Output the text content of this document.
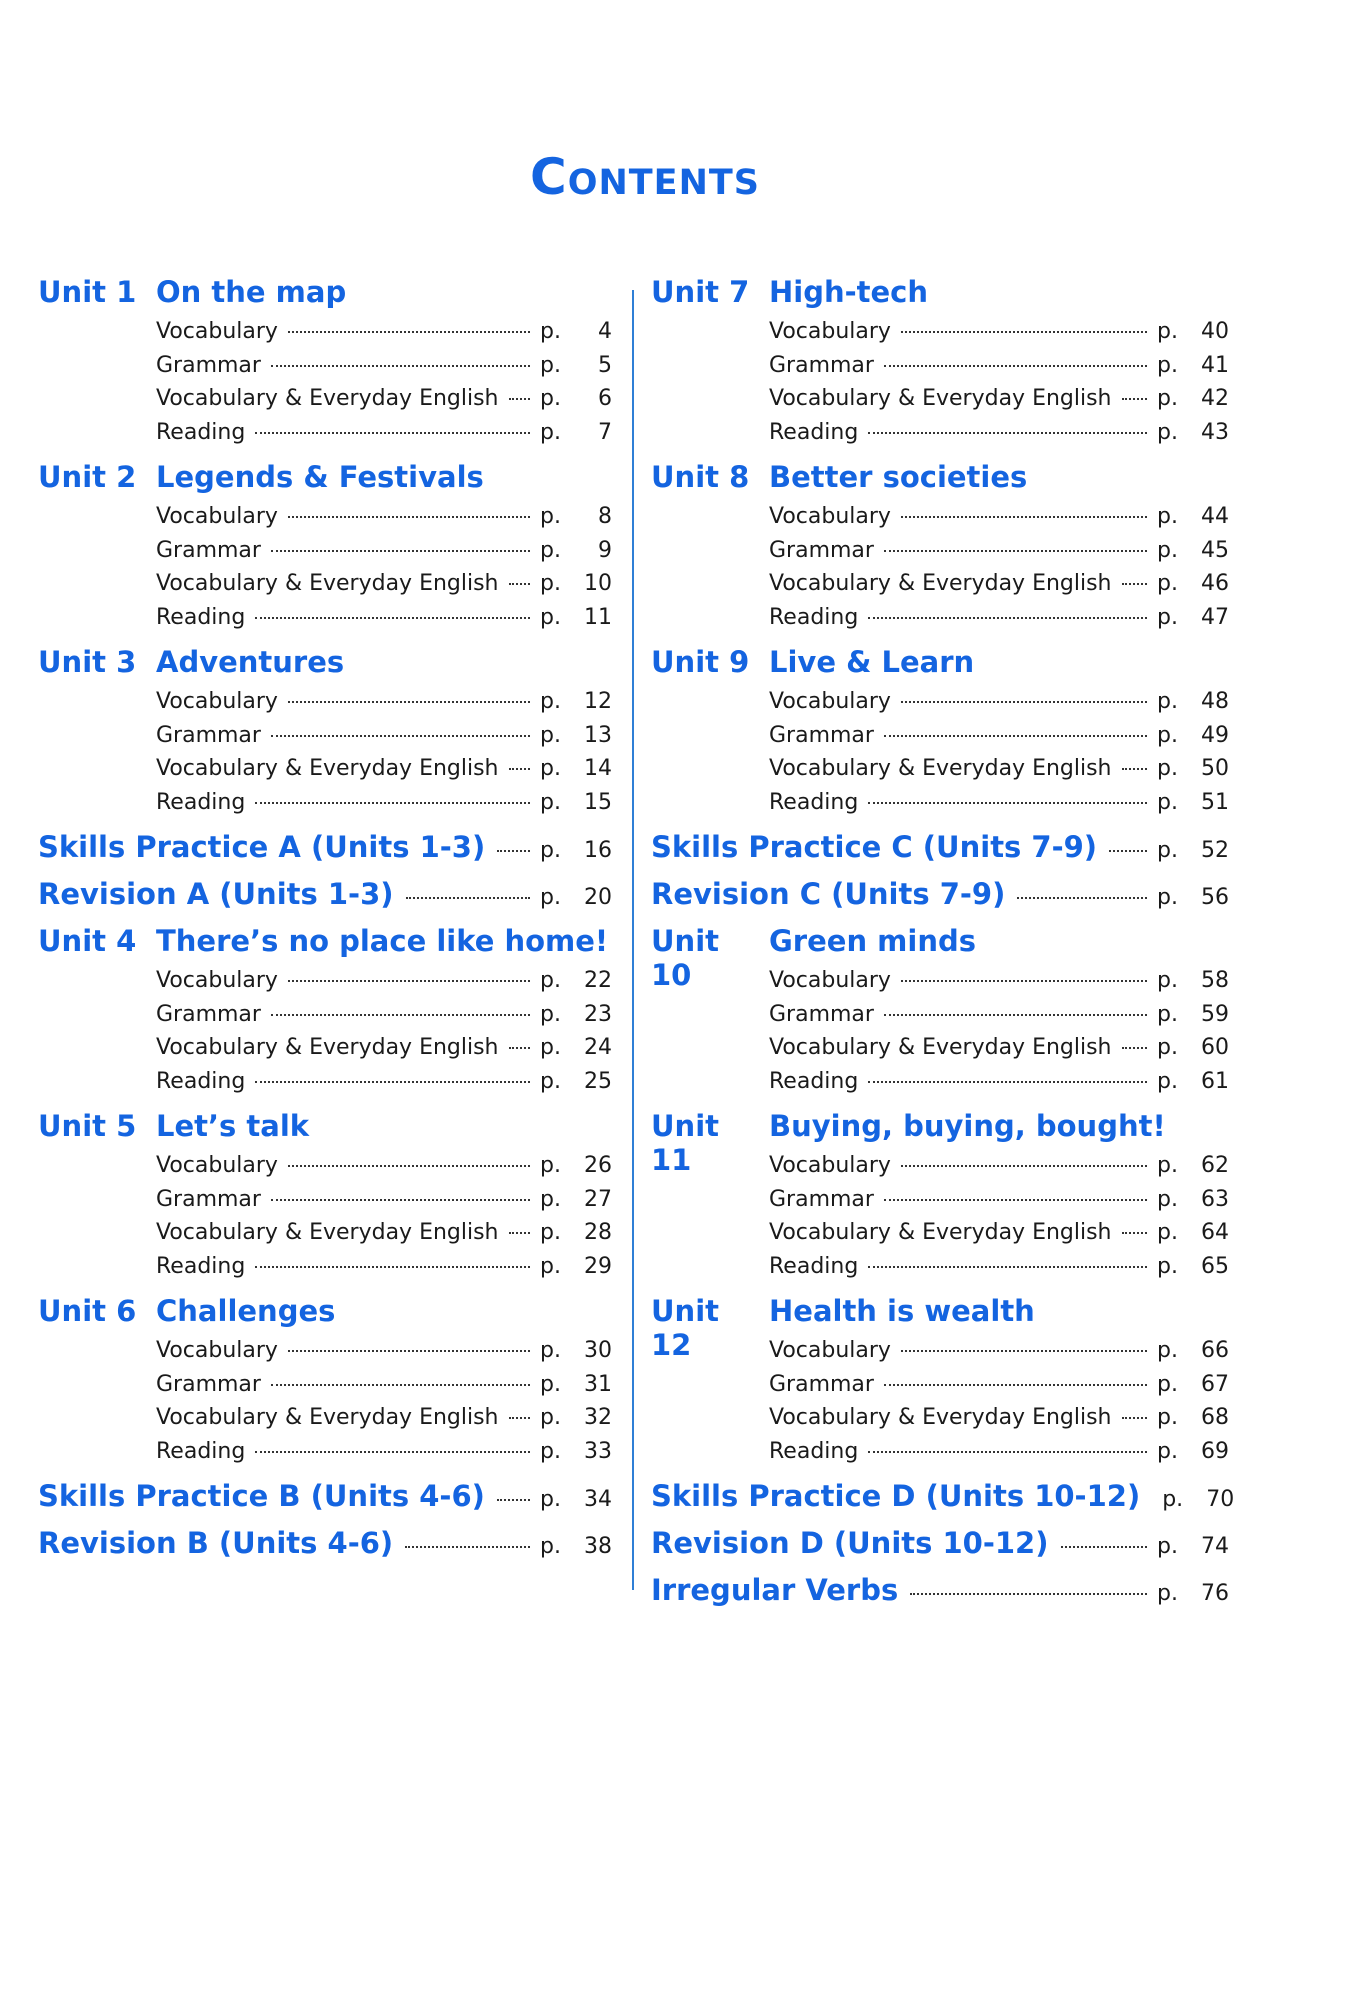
Contents
Unit 1 On the map
Vocabulary	p.	4
Grammar	p.	5
Vocabulary & Everyday English p.	6
Reading	p.	7
Unit 2 Legends & Festivals
Vocabulary	p.	8
Grammar	p.	9
Vocabulary & Everyday English p.	10
Reading	p.	11
Unit 3 Adventures
Vocabulary	p.	12
Grammar	p.	13
Vocabulary & Everyday English p.	14
Reading	p.	15
Skills Practice A (Units 1-3) p.	16
Revision A (Units 1-3)	p.	20
Unit 4 There’s no place like home!
Vocabulary	p.	22
Grammar	p.	23
Vocabulary & Everyday English p.	24
Reading	p.	25
Unit 5 Let’s talk
Vocabulary	p.	26
Grammar	p.	27
Vocabulary & Everyday English p.	28
Reading	p.	29
Unit 6 Challenges
Vocabulary	p.	30
Grammar	p.	31
Vocabulary & Everyday English p.	32
Reading	p.	33
Skills Practice B (Units 4-6)	p.	34
Revision B (Units 4-6)	p.	38
Unit 7 High-tech
Vocabulary	p.	40
Grammar	p.	41
Vocabulary & Everyday English p.	42
Reading	p.	43
Unit 8 Better societies
Vocabulary	p.	44
Grammar	p.	45
Vocabulary & Everyday English p.	46
Reading	p.	47
Unit 9 Live & Learn
Vocabulary	p.	48
Grammar	p.	49
Vocabulary & Everyday English p.	50
Reading	p.	51
Skills Practice C (Units 7-9)	p.	52
Revision C (Units 7-9)	p.	56
Unit 10
Green minds
Vocabulary	p.	58
Grammar	p.	59
Vocabulary & Everyday English p.	60
Reading	p.	61
Unit 11
Buying, buying, bought!
Vocabulary	p.	62
Grammar	p.	63
Vocabulary & Everyday English p.	64
Reading	p.	65
Unit 12
Health is wealth
Vocabulary	p.	66
Grammar	p.	67
Vocabulary & Everyday English p.	68
Reading	p.	69
Skills Practice D (Units 10-12) p.	70
Revision D (Units 10-12)	p.	74
Irregular Verbs	p.	76
